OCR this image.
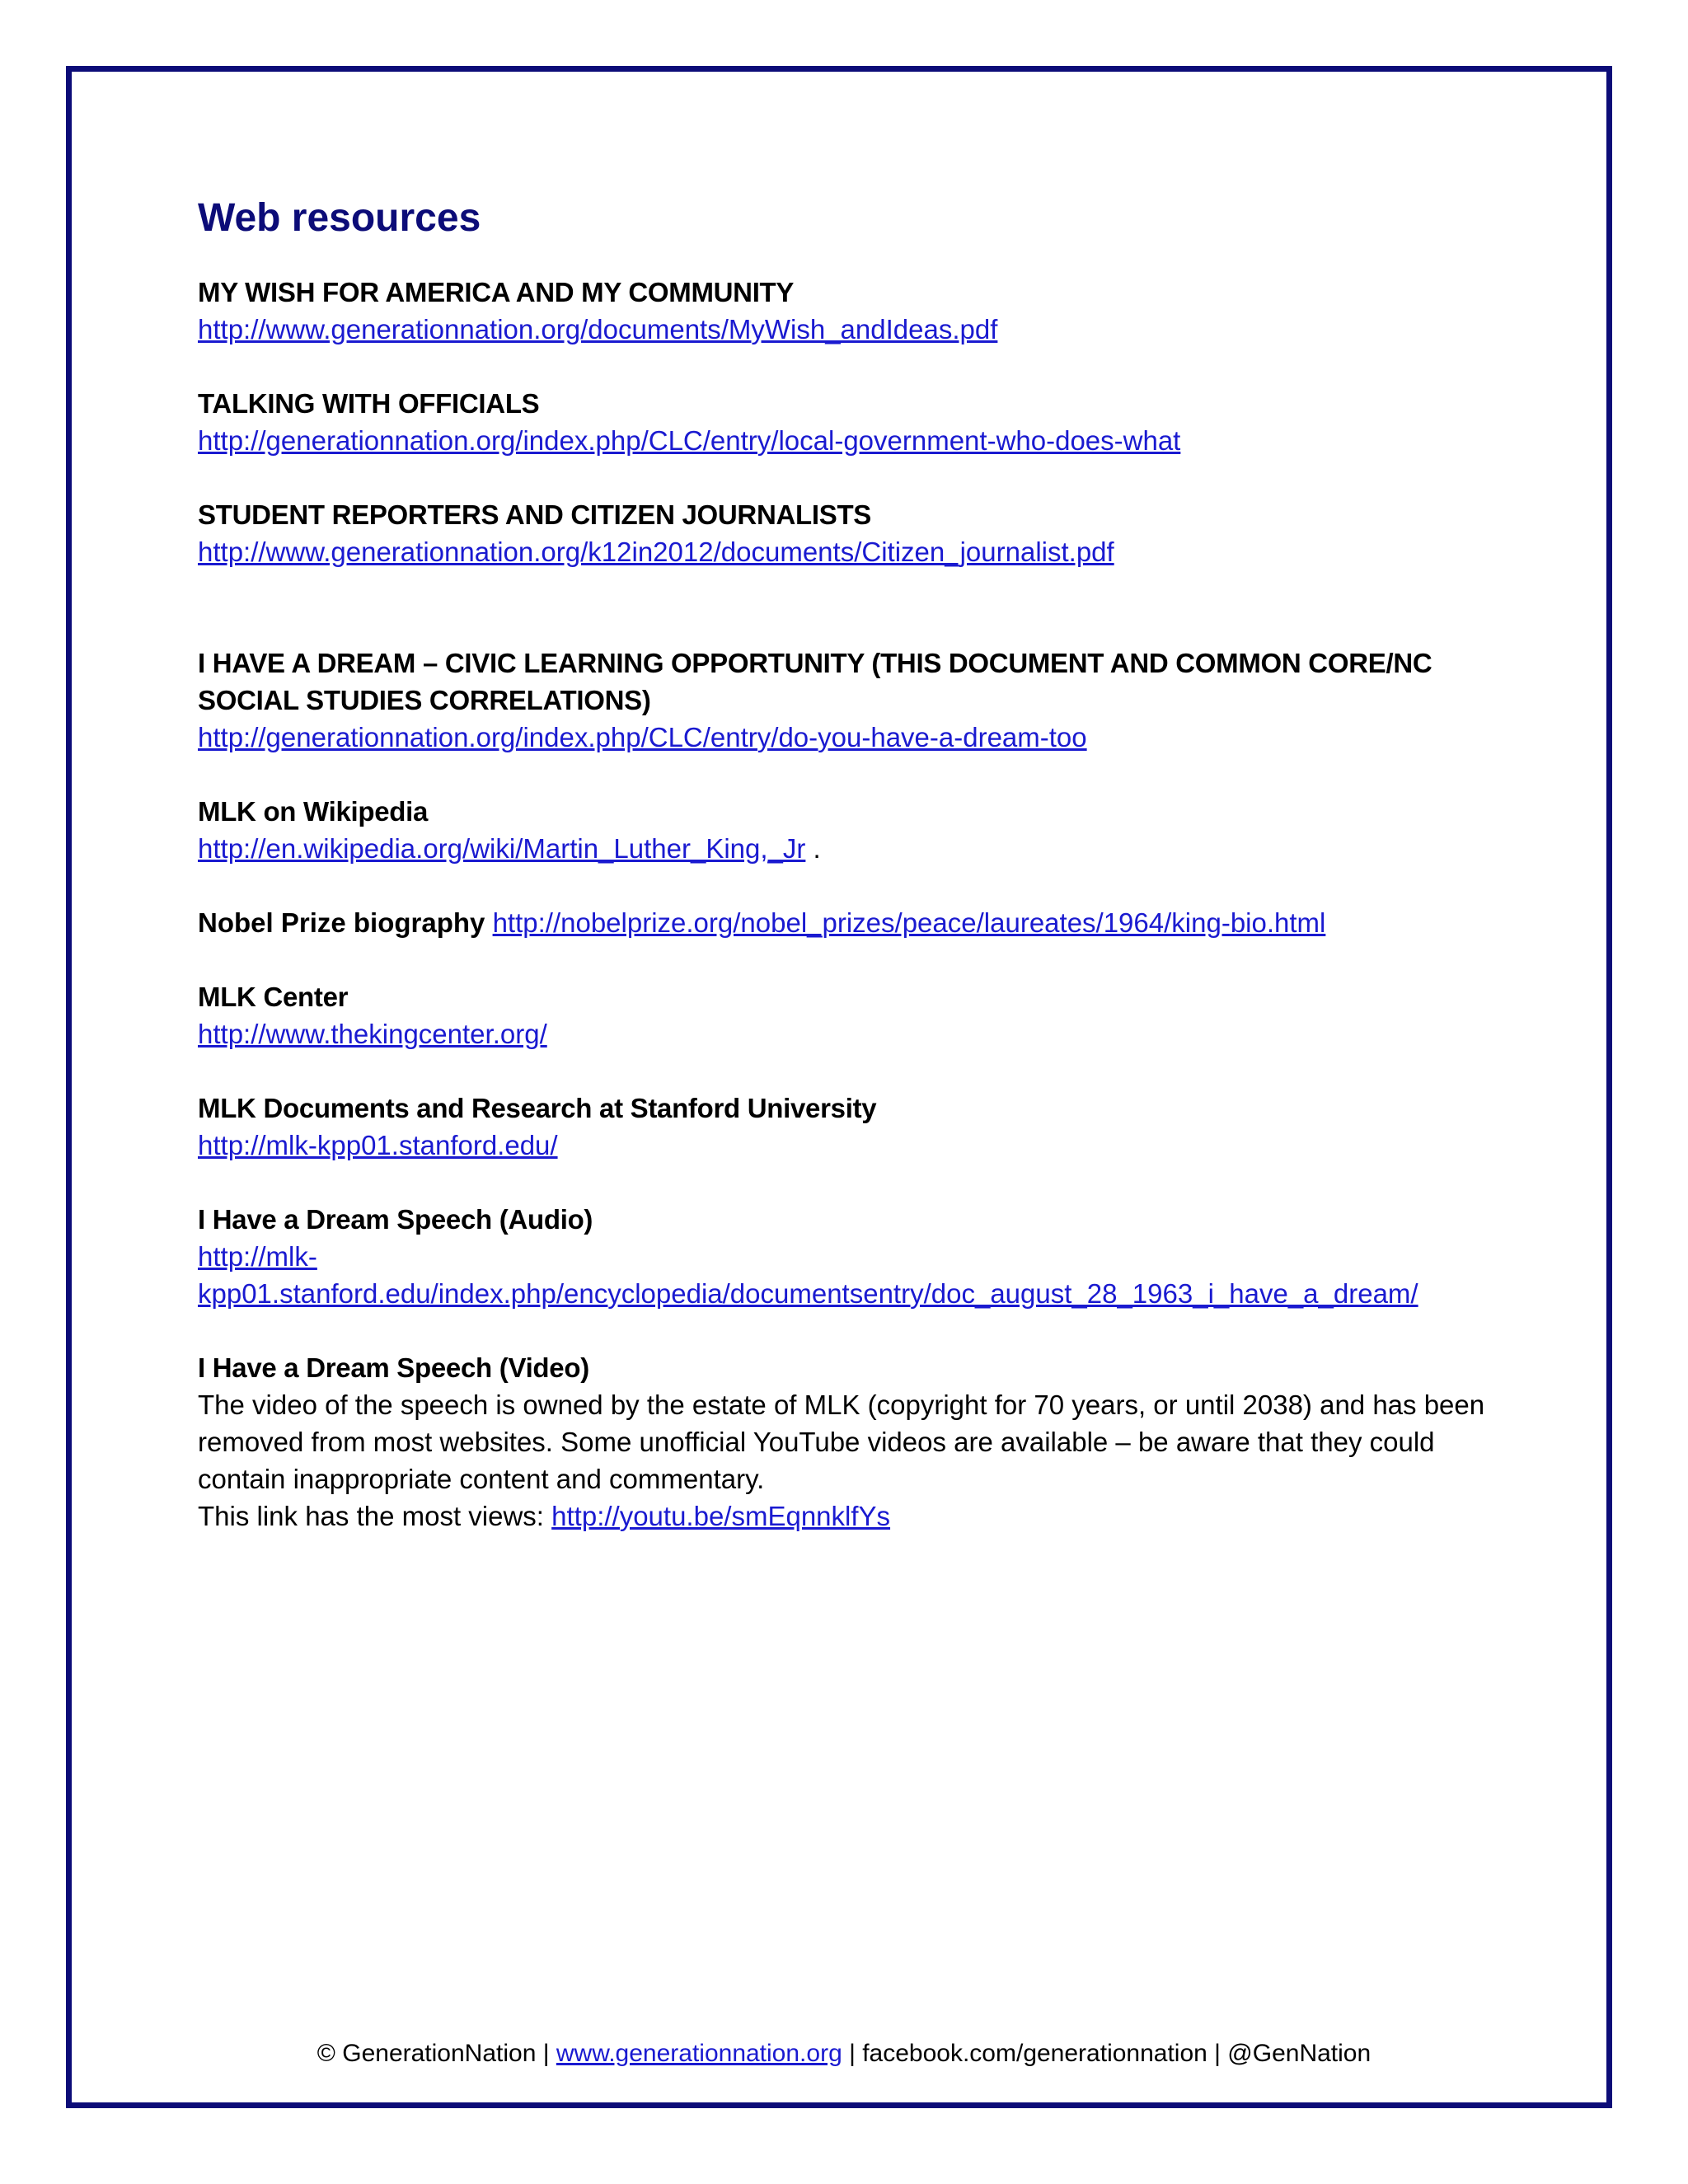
Web resources
MY WISH FOR AMERICA AND MY COMMUNITY
http://www.generationnation.org/documents/MyWish_andIdeas.pdf
TALKING WITH OFFICIALS
http://generationnation.org/index.php/CLC/entry/local-government-who-does-what
STUDENT REPORTERS AND CITIZEN JOURNALISTS
http://www.generationnation.org/k12in2012/documents/Citizen_journalist.pdf
I HAVE A DREAM – CIVIC LEARNING OPPORTUNITY (THIS DOCUMENT AND COMMON CORE/NC SOCIAL STUDIES CORRELATIONS)
http://generationnation.org/index.php/CLC/entry/do-you-have-a-dream-too
MLK on Wikipedia
http://en.wikipedia.org/wiki/Martin_Luther_King,_Jr .
Nobel Prize biography http://nobelprize.org/nobel_prizes/peace/laureates/1964/king-bio.html
MLK Center
http://www.thekingcenter.org/
MLK Documents and Research at Stanford University
http://mlk-kpp01.stanford.edu/
I Have a Dream Speech (Audio)
http://mlk-
kpp01.stanford.edu/index.php/encyclopedia/documentsentry/doc_august_28_1963_i_have_a_dream/
I Have a Dream Speech (Video)
The video of the speech is owned by the estate of MLK (copyright for 70 years, or until 2038) and has been removed from most websites. Some unofficial YouTube videos are available – be aware that they could contain inappropriate content and commentary.
This link has the most views: http://youtu.be/smEqnnklfYs
© GenerationNation | www.generationnation.org | facebook.com/generationnation | @GenNation
